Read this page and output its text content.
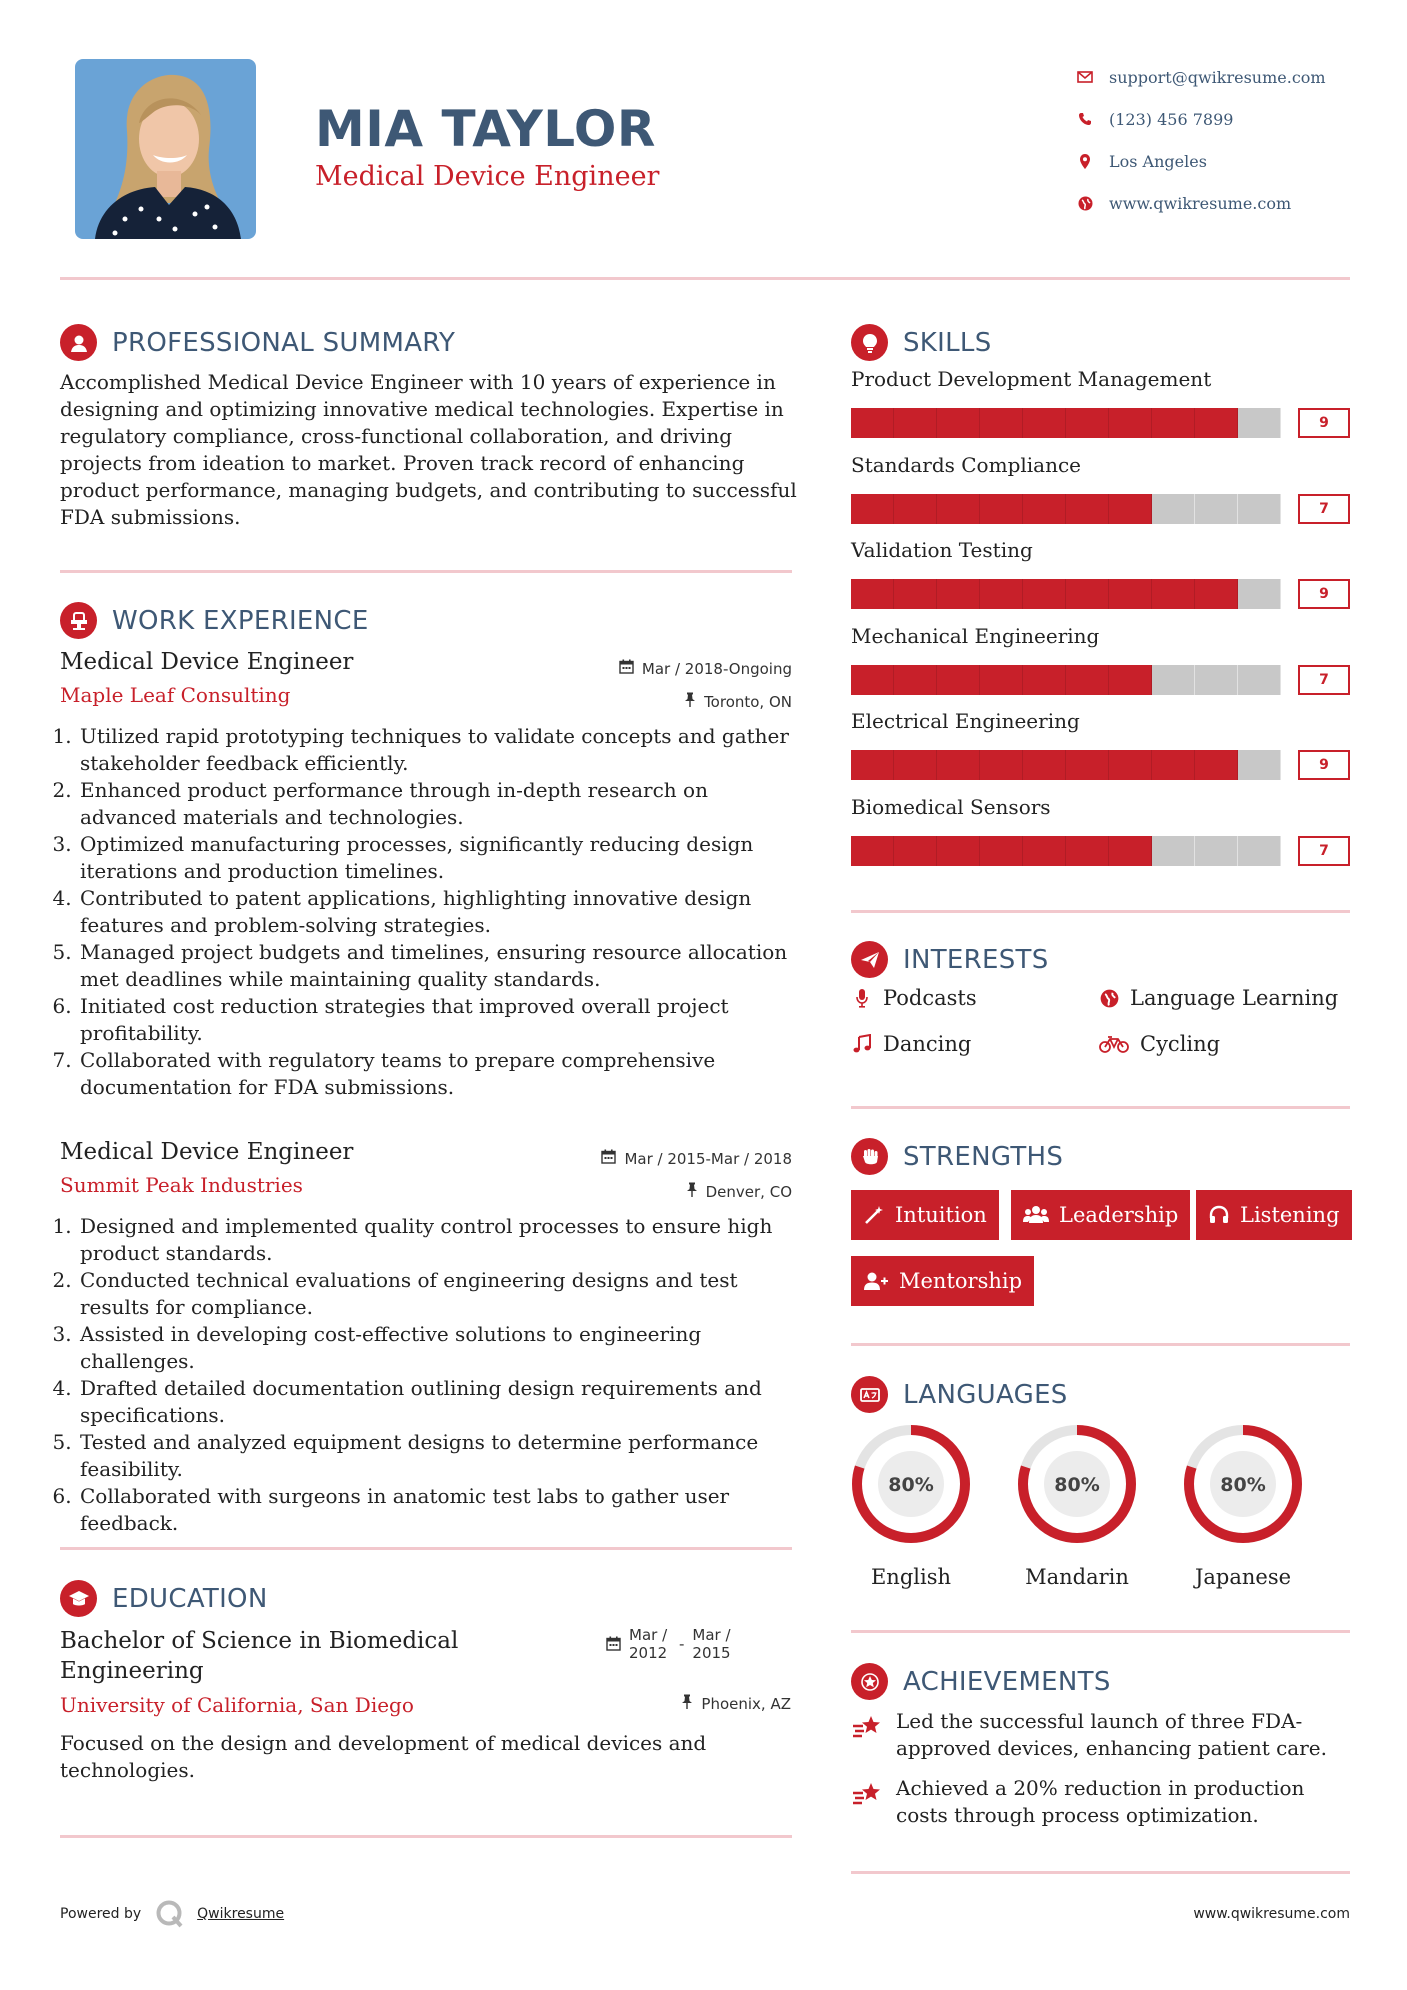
MIA TAYLOR
Medical Device Engineer
support@qwikresume.com
(123) 456 7899
Los Angeles
www.qwikresume.com
PROFESSIONAL SUMMARY
Accomplished Medical Device Engineer with 10 years of experience in designing and optimizing innovative medical technologies. Expertise in regulatory compliance, cross-functional collaboration, and driving projects from ideation to market. Proven track record of enhancing product performance, managing budgets, and contributing to successful FDA submissions.
WORK EXPERIENCE
Medical Device Engineer
Maple Leaf Consulting
Mar / 2018-Ongoing
Toronto, ON
1. Utilized rapid prototyping techniques to validate concepts and gather stakeholder feedback efficiently.
2. Enhanced product performance through in-depth research on advanced materials and technologies.
3. Optimized manufacturing processes, significantly reducing design iterations and production timelines.
4. Contributed to patent applications, highlighting innovative design features and problem-solving strategies.
5. Managed project budgets and timelines, ensuring resource allocation met deadlines while maintaining quality standards.
6. Initiated cost reduction strategies that improved overall project profitability.
7. Collaborated with regulatory teams to prepare comprehensive documentation for FDA submissions.
Medical Device Engineer
Summit Peak Industries
Mar / 2015-Mar / 2018
Denver, CO
1. Designed and implemented quality control processes to ensure high product standards.
2. Conducted technical evaluations of engineering designs and test results for compliance.
3. Assisted in developing cost-effective solutions to engineering challenges.
4. Drafted detailed documentation outlining design requirements and specifications.
5. Tested and analyzed equipment designs to determine performance feasibility.
6. Collaborated with surgeons in anatomic test labs to gather user feedback.
EDUCATION
Bachelor of Science in Biomedical Engineering
Mar / 2012 - Mar / 2015
University of California, San Diego	Phoenix, AZ
Focused on the design and development of medical devices and technologies.
SKILLS
Product Development Management
9
Standards Compliance
7
Validation Testing
9
Mechanical Engineering
7
Electrical Engineering
9
Biomedical Sensors
7
INTERESTS
Podcasts	Language Learning
Dancing	Cycling
STRENGTHS
Intuition	Leadership	Listening
Mentorship
LANGUAGES
80%
English
80%
Mandarin
80%
Japanese
ACHIEVEMENTS
Led the successful launch of three FDA-approved devices, enhancing patient care.
Achieved a 20% reduction in production costs through process optimization.
Powered by	Qwikresume	www.qwikresume.com
